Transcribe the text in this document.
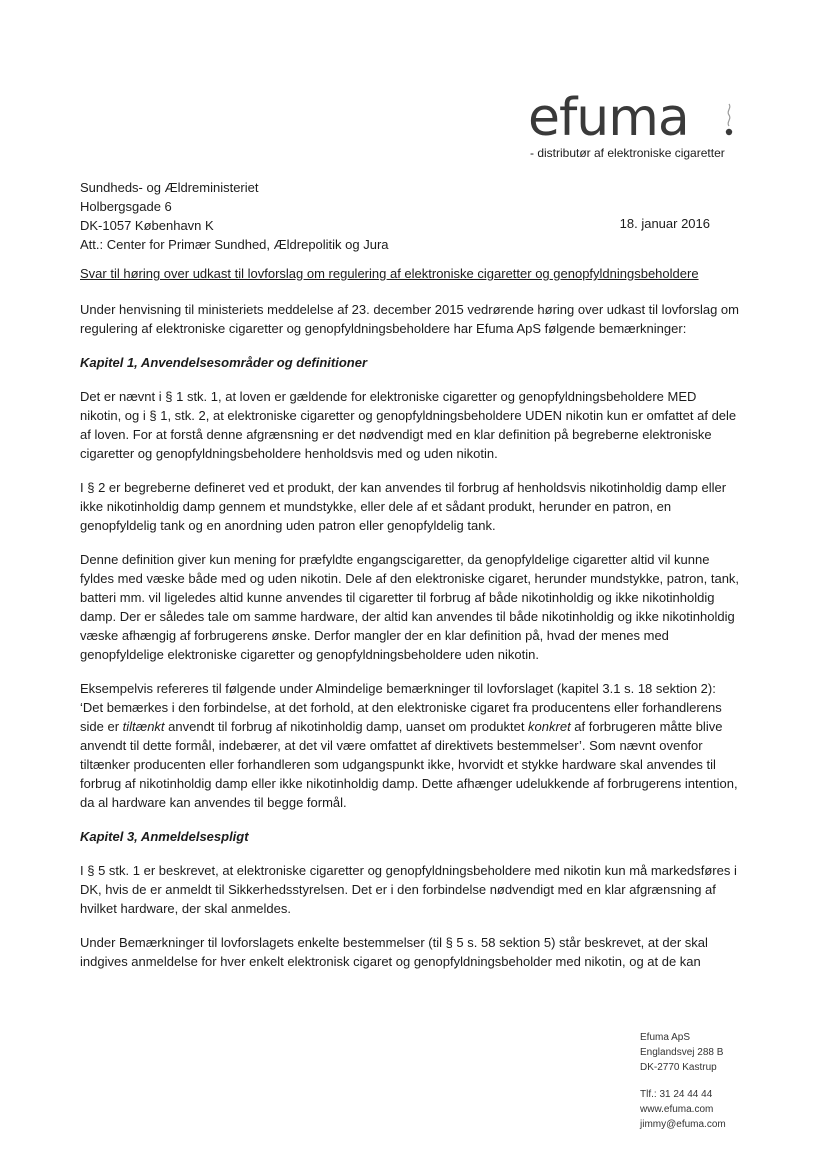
efuma
- distributør af elektroniske cigaretter
Sundheds- og Ældreministeriet
Holbergsgade 6
DK-1057 København K
Att.: Center for Primær Sundhed, Ældrepolitik og Jura
18. januar 2016
Svar til høring over udkast til lovforslag om regulering af elektroniske cigaretter og genopfyldningsbeholdere

Under henvisning til ministeriets meddelelse af 23. december 2015 vedrørende høring over udkast til lovforslag om regulering af elektroniske cigaretter og genopfyldningsbeholdere har Efuma ApS følgende bemærkninger:

Kapitel 1, Anvendelsesområder og definitioner

Det er nævnt i § 1 stk. 1, at loven er gældende for elektroniske cigaretter og genopfyldningsbeholdere MED nikotin, og i § 1, stk. 2, at elektroniske cigaretter og genopfyldningsbeholdere UDEN nikotin kun er omfattet af dele af loven. For at forstå denne afgrænsning er det nødvendigt med en klar definition på begreberne elektroniske cigaretter og genopfyldningsbeholdere henholdsvis med og uden nikotin.

I § 2 er begreberne defineret ved et produkt, der kan anvendes til forbrug af henholdsvis nikotinholdig damp eller ikke nikotinholdig damp gennem et mundstykke, eller dele af et sådant produkt, herunder en patron, en genopfyldelig tank og en anordning uden patron eller genopfyldelig tank.

Denne definition giver kun mening for præfyldte engangscigaretter, da genopfyldelige cigaretter altid vil kunne fyldes med væske både med og uden nikotin. Dele af den elektroniske cigaret, herunder mundstykke, patron, tank, batteri mm. vil ligeledes altid kunne anvendes til cigaretter til forbrug af både nikotinholdig og ikke nikotinholdig damp. Der er således tale om samme hardware, der altid kan anvendes til både nikotinholdig og ikke nikotinholdig væske afhængig af forbrugerens ønske. Derfor mangler der en klar definition på, hvad der menes med genopfyldelige elektroniske cigaretter og genopfyldningsbeholdere uden nikotin.

Eksempelvis refereres til følgende under Almindelige bemærkninger til lovforslaget (kapitel 3.1 s. 18 sektion 2): ‘Det bemærkes i den forbindelse, at det forhold, at den elektroniske cigaret fra producentens eller forhandlerens side er tiltænkt anvendt til forbrug af nikotinholdig damp, uanset om produktet konkret af forbrugeren måtte blive anvendt til dette formål, indebærer, at det vil være omfattet af direktivets bestemmelser’. Som nævnt ovenfor tiltænker producenten eller forhandleren som udgangspunkt ikke, hvorvidt et stykke hardware skal anvendes til forbrug af nikotinholdig damp eller ikke nikotinholdig damp. Dette afhænger udelukkende af forbrugerens intention, da al hardware kan anvendes til begge formål.

Kapitel 3, Anmeldelsespligt

I § 5 stk. 1 er beskrevet, at elektroniske cigaretter og genopfyldningsbeholdere med nikotin kun må markedsføres i DK, hvis de er anmeldt til Sikkerhedsstyrelsen. Det er i den forbindelse nødvendigt med en klar afgrænsning af hvilket hardware, der skal anmeldes.

Under Bemærkninger til lovforslagets enkelte bestemmelser (til § 5 s. 58 sektion 5) står beskrevet, at der skal indgives anmeldelse for hver enkelt elektronisk cigaret og genopfyldningsbeholder med nikotin, og at de kan

Efuma ApS
Englandsvej 288 B
DK-2770 Kastrup
Tlf.: 31 24 44 44
www.efuma.com
jimmy@efuma.com
